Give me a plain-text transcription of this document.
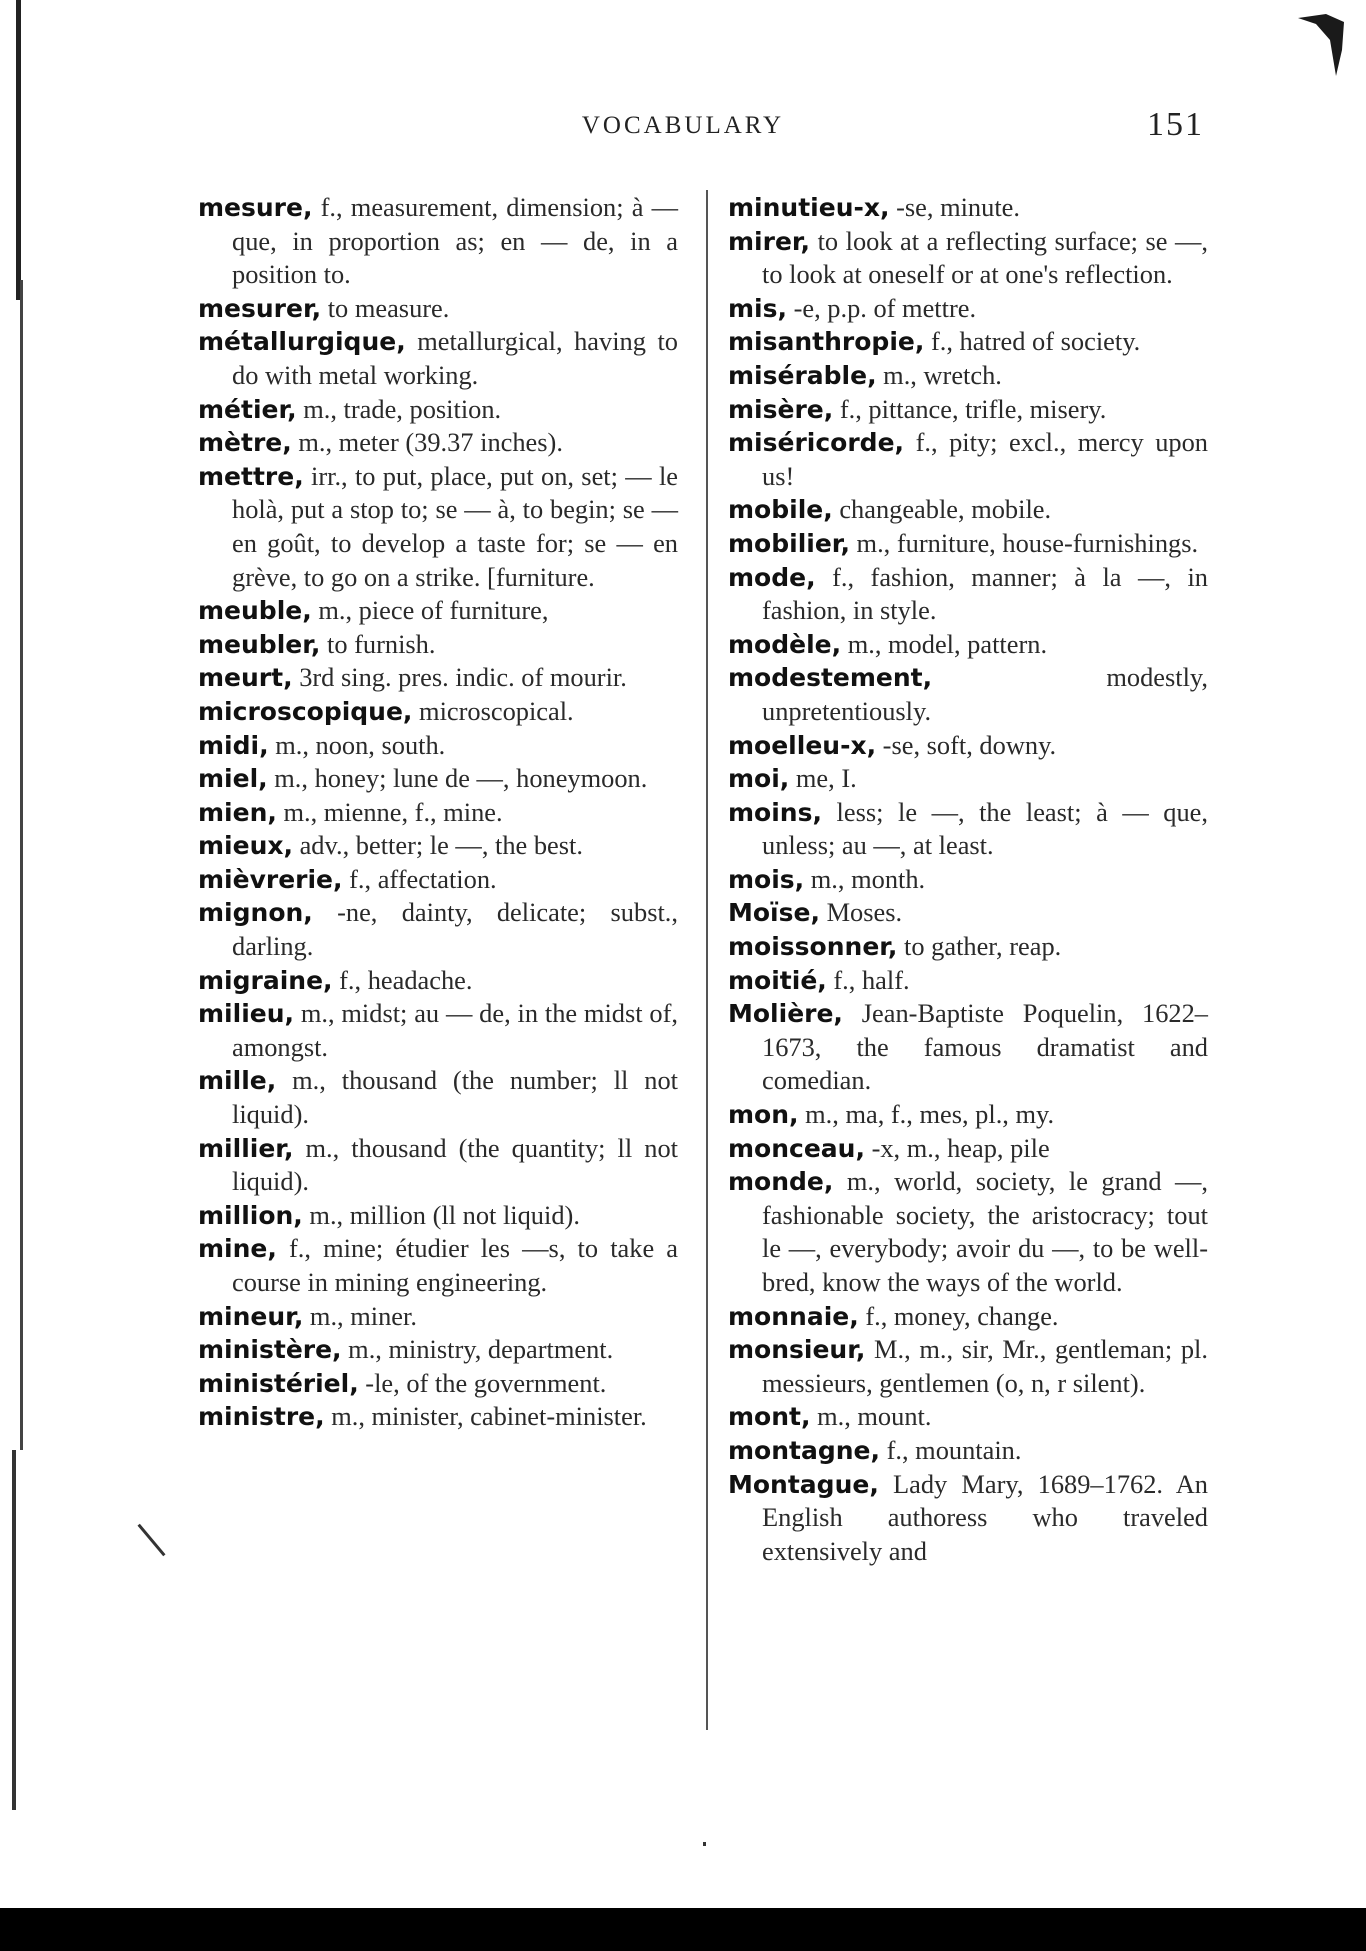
VOCABULARY	151

mesure, f., measurement, dimension; à — que, in proportion as; en — de, in a position to.

mesurer, to measure.

métallurgique, metallurgical, having to do with metal working.

métier, m., trade, position.

mètre, m., meter (39.37 inches).

mettre, irr., to put, place, put on, set; — le holà, put a stop to; se — à, to begin; se — en goût, to develop a taste for; se — en grève, to go on a strike. [furniture.

meuble, m., piece of furniture,

meubler, to furnish.

meurt, 3rd sing. pres. indic. of mourir.

microscopique, microscopical.

midi, m., noon, south.

miel, m., honey; lune de —, honeymoon.

mien, m., mienne, f., mine.

mieux, adv., better; le —, the best.

mièvrerie, f., affectation.

mignon, -ne, dainty, delicate; subst., darling.

migraine, f., headache.

milieu, m., midst; au — de, in the midst of, amongst.

mille, m., thousand (the number; ll not liquid).

millier, m., thousand (the quantity; ll not liquid).

million, m., million (ll not liquid).

mine, f., mine; étudier les —s, to take a course in mining engineering.

mineur, m., miner.

ministère, m., ministry, department.

ministériel, -le, of the government.

ministre, m., minister, cabinet-minister.

minutieu-x, -se, minute.

mirer, to look at a reflecting surface; se —, to look at oneself or at one's reflection.

mis, -e, p.p. of mettre.

misanthropie, f., hatred of society.

misérable, m., wretch.

misère, f., pittance, trifle, misery.

miséricorde, f., pity; excl., mercy upon us!

mobile, changeable, mobile.

mobilier, m., furniture, house-furnishings.

mode, f., fashion, manner; à la —, in fashion, in style.

modèle, m., model, pattern.

modestement, modestly, unpretentiously.

moelleu-x, -se, soft, downy.

moi, me, I.

moins, less; le —, the least; à — que, unless; au —, at least.

mois, m., month.

Moïse, Moses.

moissonner, to gather, reap.

moitié, f., half.

Molière, Jean-Baptiste Poquelin, 1622–1673, the famous dramatist and comedian.

mon, m., ma, f., mes, pl., my.

monceau, -x, m., heap, pile

monde, m., world, society, le grand —, fashionable society, the aristocracy; tout le —, everybody; avoir du —, to be well-bred, know the ways of the world.

monnaie, f., money, change.

monsieur, M., m., sir, Mr., gentleman; pl. messieurs, gentlemen (o, n, r silent).

mont, m., mount.

montagne, f., mountain.

Montague, Lady Mary, 1689–1762. An English authoress who traveled extensively and
